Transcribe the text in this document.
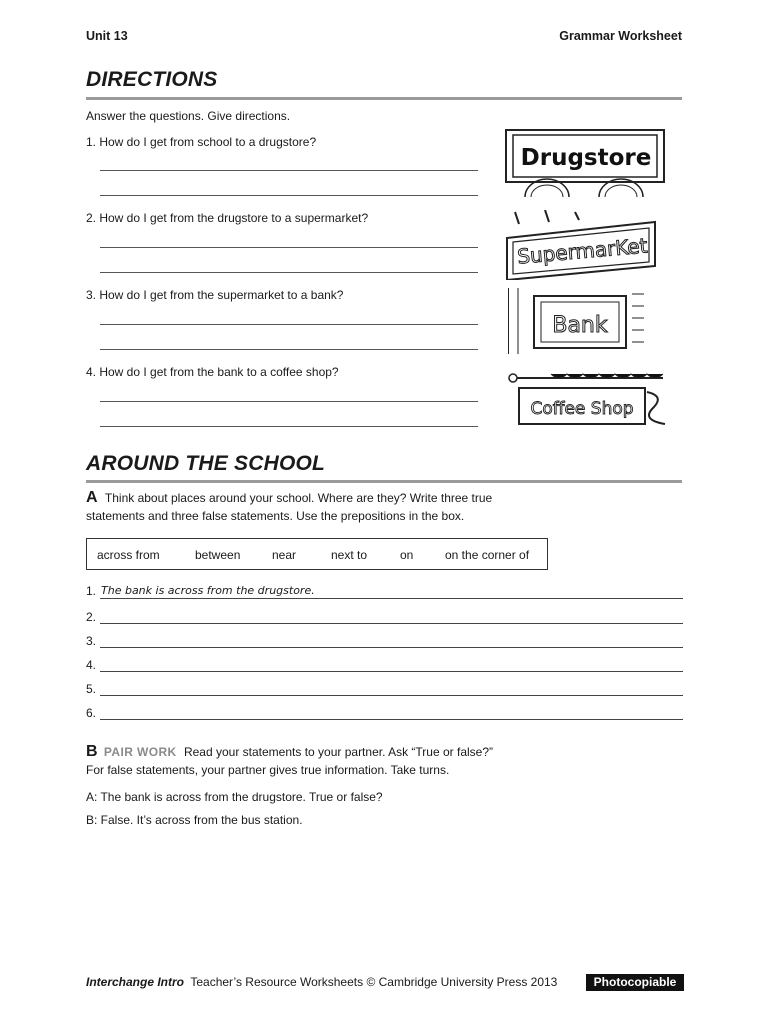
Unit 13	Grammar Worksheet
DIRECTIONS
Answer the questions. Give directions.
1. How do I get from school to a drugstore?
2. How do I get from the drugstore to a supermarket?
3. How do I get from the supermarket to a bank?
4. How do I get from the bank to a coffee shop?
Drugstore
SupermarKet
Bank
Coffee Shop
AROUND THE SCHOOL
A Think about places around your school. Where are they? Write three true
statements and three false statements. Use the prepositions in the box.
across from	between	near	next to	on	on the corner of
1. The bank is across from the drugstore.
2.
3.
4.
5.
6.
B PAIR WORK Read your statements to your partner. Ask “True or false?”
For false statements, your partner gives true information. Take turns.
A: The bank is across from the drugstore. True or false?
B: False. It’s across from the bus station.
Interchange Intro Teacher’s Resource Worksheets © Cambridge University Press 2013	Photocopiable
